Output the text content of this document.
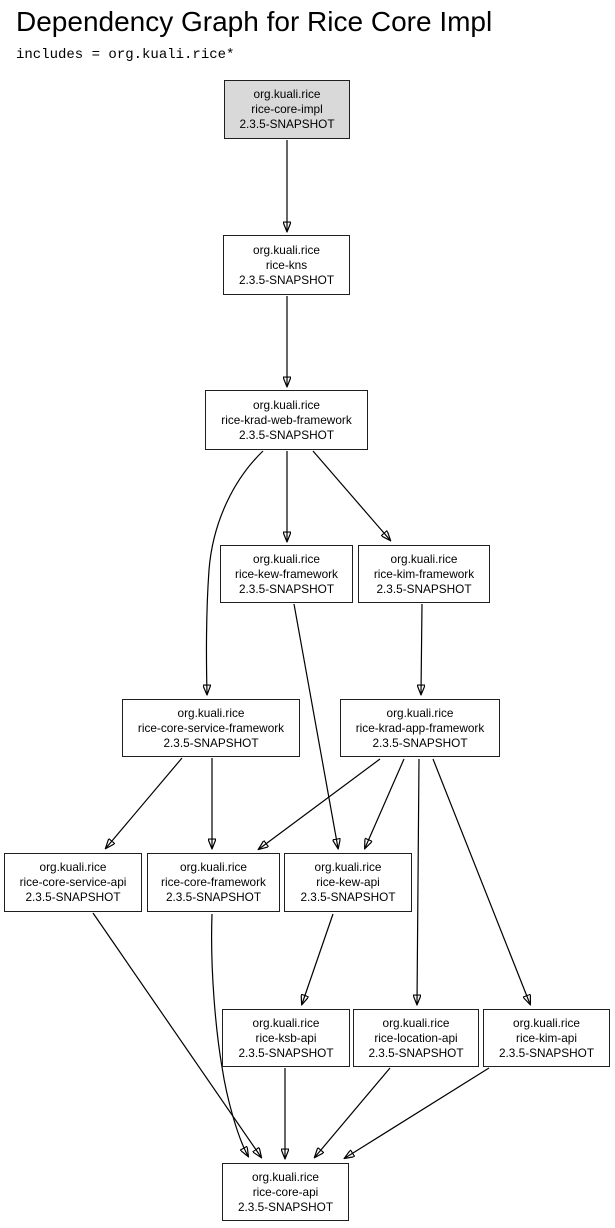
Dependency Graph for Rice Core Impl
includes = org.kuali.rice*
org.kuali.rice
rice-core-impl
2.3.5-SNAPSHOT
org.kuali.rice
rice-kns
2.3.5-SNAPSHOT
org.kuali.rice
rice-krad-web-framework
2.3.5-SNAPSHOT
org.kuali.rice
rice-kew-framework
2.3.5-SNAPSHOT
org.kuali.rice
rice-kim-framework
2.3.5-SNAPSHOT
org.kuali.rice
rice-core-service-framework
2.3.5-SNAPSHOT
org.kuali.rice
rice-krad-app-framework
2.3.5-SNAPSHOT
org.kuali.rice
rice-core-service-api
2.3.5-SNAPSHOT
org.kuali.rice
rice-core-framework
2.3.5-SNAPSHOT
org.kuali.rice
rice-kew-api
2.3.5-SNAPSHOT
org.kuali.rice
rice-ksb-api
2.3.5-SNAPSHOT
org.kuali.rice
rice-location-api
2.3.5-SNAPSHOT
org.kuali.rice
rice-kim-api
2.3.5-SNAPSHOT
org.kuali.rice
rice-core-api
2.3.5-SNAPSHOT
